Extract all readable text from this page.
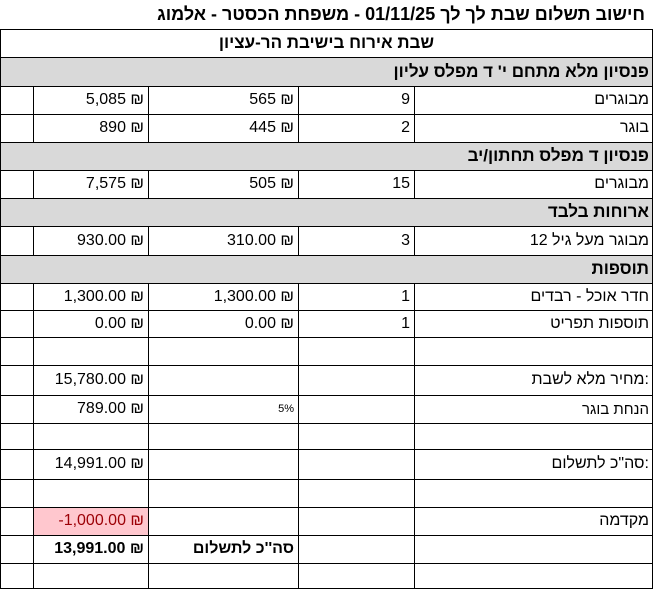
חישוב תשלום שבת לך לך 01/11/25 - משפחת הכסטר - אלמוג
שבת אירוח בישיבת הר-עציון
פנסיון מלא מתחם י' ד מפלס עליון
מבוגרים
9
565 ₪
5,085 ₪
בוגר
2
445 ₪
890 ₪
פנסיון ד מפלס תחתון/יב
מבוגרים
15
505 ₪
7,575 ₪
ארוחות בלבד
מבוגר מעל גיל 12
3
310.00 ₪
930.00 ₪
תוספות
חדר אוכל - רבדים
1
1,300.00 ₪
1,300.00 ₪
תוספות תפריט
1
0.00 ₪
0.00 ₪
מחיר מלא לשבת:
15,780.00 ₪
הנחת בוגר
5%
789.00 ₪
סה"כ לתשלום:
14,991.00 ₪
מקדמה
-1,000.00 ₪
סה''כ לתשלום
13,991.00 ₪
